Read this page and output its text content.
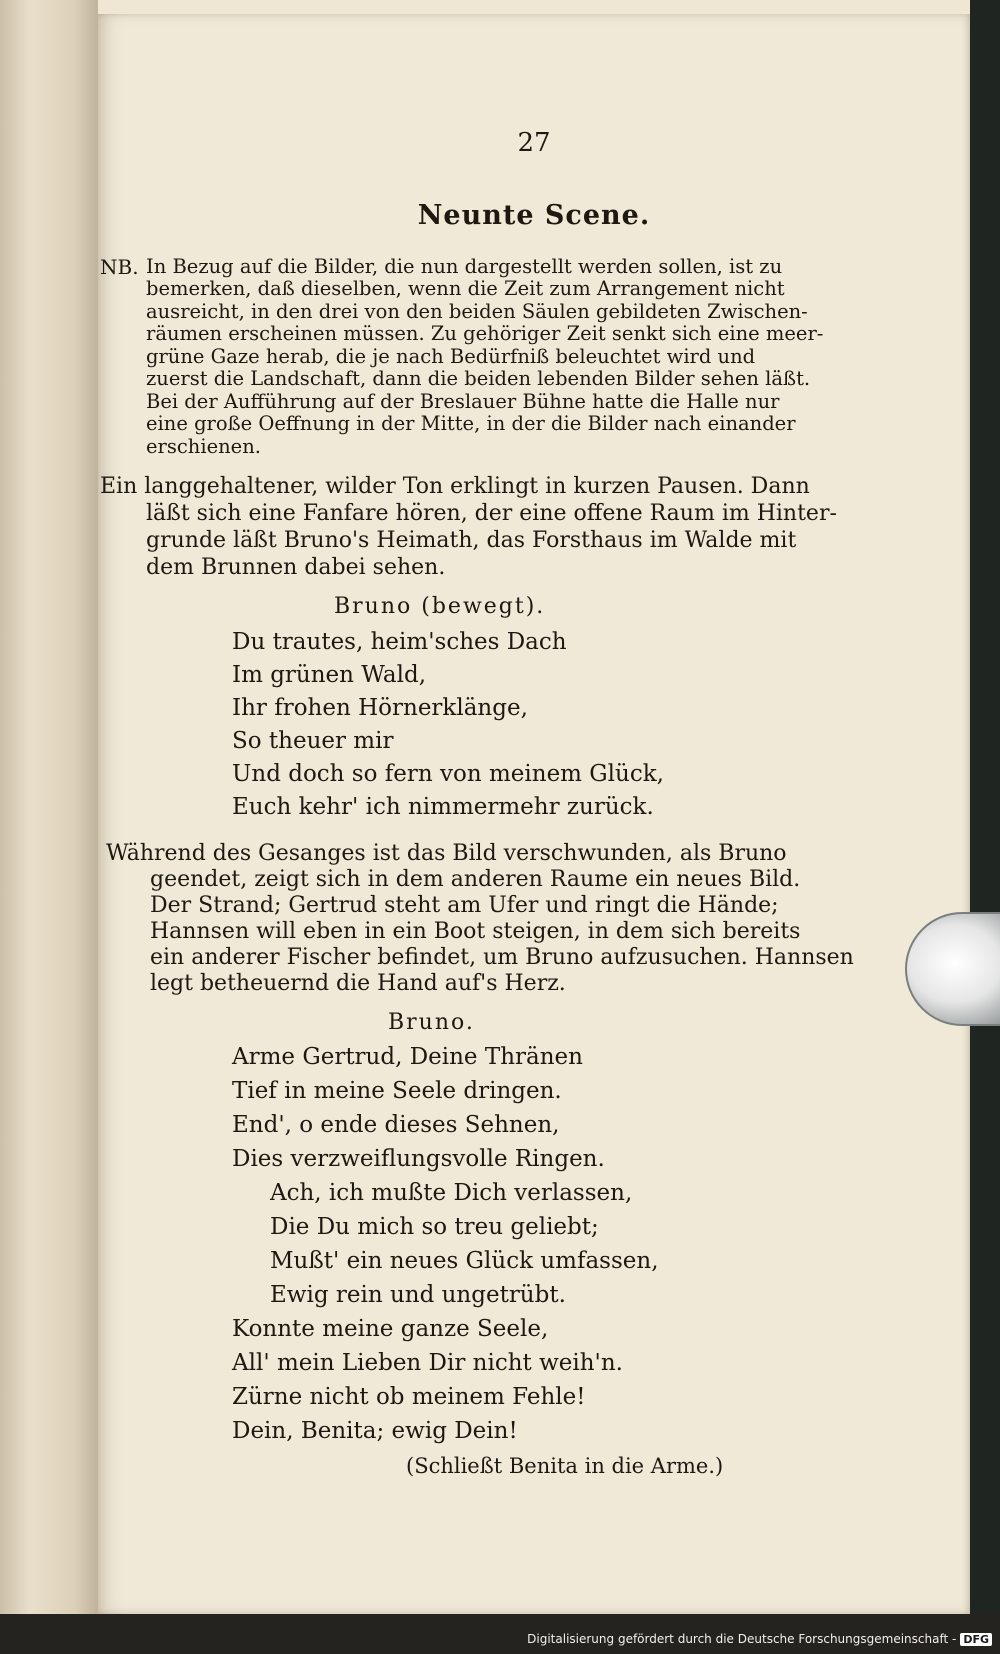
27
Neunte Scene.
NB. In Bezug auf die Bilder, die nun dargestellt werden sollen, ist zu
bemerken, daß dieselben, wenn die Zeit zum Arrangement nicht
ausreicht, in den drei von den beiden Säulen gebildeten Zwischen-
räumen erscheinen müssen. Zu gehöriger Zeit senkt sich eine meer-
grüne Gaze herab, die je nach Bedürfniß beleuchtet wird und
zuerst die Landschaft, dann die beiden lebenden Bilder sehen läßt.
Bei der Aufführung auf der Breslauer Bühne hatte die Halle nur
eine große Oeffnung in der Mitte, in der die Bilder nach einander
erschienen.
Ein langgehaltener, wilder Ton erklingt in kurzen Pausen. Dann
läßt sich eine Fanfare hören, der eine offene Raum im Hinter-
grunde läßt Bruno's Heimath, das Forsthaus im Walde mit
dem Brunnen dabei sehen.
Bruno (bewegt).
Du trautes, heim'sches Dach
Im grünen Wald,
Ihr frohen Hörnerklänge,
So theuer mir
Und doch so fern von meinem Glück,
Euch kehr' ich nimmermehr zurück.
Während des Gesanges ist das Bild verschwunden, als Bruno
geendet, zeigt sich in dem anderen Raume ein neues Bild.
Der Strand; Gertrud steht am Ufer und ringt die Hände;
Hannsen will eben in ein Boot steigen, in dem sich bereits
ein anderer Fischer befindet, um Bruno aufzusuchen. Hannsen
legt betheuernd die Hand auf's Herz.
Bruno.
Arme Gertrud, Deine Thränen
Tief in meine Seele dringen.
End', o ende dieses Sehnen,
Dies verzweiflungsvolle Ringen.
Ach, ich mußte Dich verlassen,
Die Du mich so treu geliebt;
Mußt' ein neues Glück umfassen,
Ewig rein und ungetrübt.
Konnte meine ganze Seele,
All' mein Lieben Dir nicht weih'n.
Zürne nicht ob meinem Fehle!
Dein, Benita; ewig Dein!
(Schließt Benita in die Arme.)
Digitalisierung gefördert durch die Deutsche Forschungsgemeinschaft - DFG
